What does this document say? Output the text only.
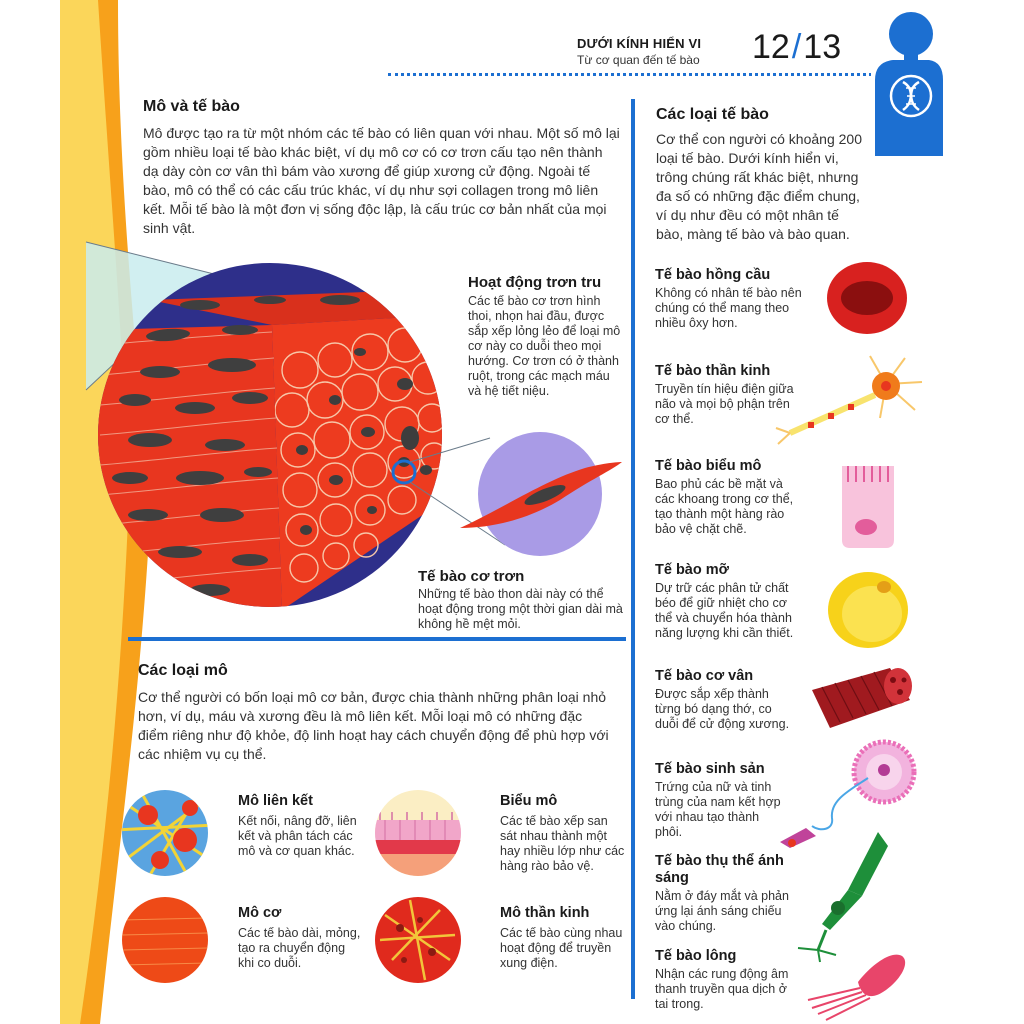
DƯỚI KÍNH HIỂN VI
Từ cơ quan đến tế bào 12/13
Mô và tế bào
Mô được tạo ra từ một nhóm các tế bào có liên quan với nhau. Một số mô lại gồm nhiều loại tế bào khác biệt, ví dụ mô cơ có cơ trơn cấu tạo nên thành dạ dày còn cơ vân thì bám vào xương để giúp xương cử động. Ngoài tế bào, mô có thể có các cấu trúc khác, ví dụ như sợi collagen trong mô liên kết. Mỗi tế bào là một đơn vị sống độc lập, là cấu trúc cơ bản nhất của mọi sinh vật.
Hoạt động trơn tru
Các tế bào cơ trơn hình thoi, nhọn hai đầu, được sắp xếp lỏng lẻo để loại mô cơ này co duỗi theo mọi hướng. Cơ trơn có ở thành ruột, trong các mạch máu và hệ tiết niệu.
Tế bào cơ trơn
Những tế bào thon dài này có thể hoạt động trong một thời gian dài mà không hề mệt mỏi.
Các loại mô
Cơ thể người có bốn loại mô cơ bản, được chia thành những phân loại nhỏ hơn, ví dụ, máu và xương đều là mô liên kết. Mỗi loại mô có những đặc điểm riêng như độ khỏe, độ linh hoạt hay cách chuyển động để phù hợp với các nhiệm vụ cụ thể.
Mô liên kết

Kết nối, nâng đỡ, liên kết và phân tách các mô và cơ quan khác.

Biểu mô

Các tế bào xếp san sát nhau thành một hay nhiều lớp như các hàng rào bảo vệ.

Mô cơ

Các tế bào dài, mỏng, tạo ra chuyển động khi co duỗi.

Mô thần kinh

Các tế bào cùng nhau hoạt động để truyền xung điện.

Các loại tế bào
Cơ thể con người có khoảng 200 loại tế bào. Dưới kính hiển vi, trông chúng rất khác biệt, nhưng đa số có những đặc điểm chung, ví dụ như đều có một nhân tế bào, màng tế bào và bào quan.
Tế bào hồng cầu

Không có nhân tế bào nên chúng có thể mang theo nhiều ôxy hơn.

Tế bào thần kinh

Truyền tín hiệu điện giữa não và mọi bộ phận trên cơ thể.

Tế bào biểu mô

Bao phủ các bề mặt và các khoang trong cơ thể, tạo thành một hàng rào bảo vệ chặt chẽ.

Tế bào mỡ

Dự trữ các phân tử chất béo để giữ nhiệt cho cơ thể và chuyển hóa thành năng lượng khi cần thiết.

Tế bào cơ vân

Được sắp xếp thành từng bó dạng thớ, co duỗi để cử động xương.

Tế bào sinh sản

Trứng của nữ và tinh trùng của nam kết hợp với nhau tạo thành phôi.

Tế bào thụ thể ánh sáng

Nằm ở đáy mắt và phản ứng lại ánh sáng chiếu vào chúng.

Tế bào lông

Nhận các rung động âm thanh truyền qua dịch ở tai trong.
